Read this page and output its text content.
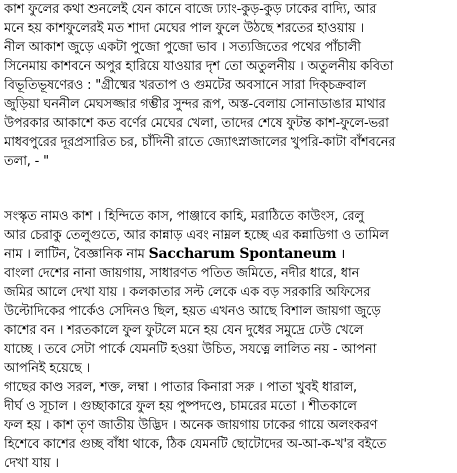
কাশ ফুলের কথা শুনলেই যেন কানে বাজে ঢ্যাং-কুড়-কুড় ঢাকের বাদ্যি, আর
মনে হয় কাশফুলেরই মত শাদা মেঘের পাল ফুলে উঠছে শরতের হাওয়ায় ।
নীল আকাশ জুড়ে একটা পুজো পুজো ভাব । সত্যজিতের পথের পাঁচালী
সিনেমায় কাশবনে অপুর হারিয়ে যাওয়ার দৃশ তো অতুলনীয় । অতুলনীয় কবিতা
বিভূতিভূষণেরও : "গ্রীষ্মের খরতাপ ও গুমটের অবসানে সারা দিক্চক্রবাল
জুড়িয়া ঘননীল মেঘসজ্জার গম্ভীর সুন্দর রূপ, অস্ত-বেলায় সোনাডাঙার মাথার
উপরকার আকাশে কত বর্ণের মেঘের খেলা, তাদের শেষে ফুটন্ত কাশ-ফুলে-ভরা
মাধবপুরের দূরপ্রসারিত চর, চাঁদিনী রাতে জ্যোৎস্নাজালের খুপরি-কাটা বাঁশবনের
তলা, - "
সংস্কৃত নামও কাশ । হিন্দিতে কাস, পাঞ্জাবে কাহি, মরাঠিতে কাউংস, রেলু
আর চেরাকু তেলুগুতে, আর কান্নাড় এবং নাম্নল হচ্ছে এর কন্নাডিগা ও তামিল
নাম । লাটিন, বৈজ্ঞানিক নাম Saccharum Spontaneum ।
বাংলা দেশের নানা জায়গায়, সাধারণত পতিত জমিতে, নদীর ধারে, ধান
জমির আলে দেখা যায় । কলকাতার সল্ট লেকে এক বড় সরকারি অফিসের
উল্টোদিকের পার্কেও সেদিনও ছিল, হয়ত এখনও আছে বিশাল জায়গা জুড়ে
কাশের বন । শরতকালে ফুল ফুটলে মনে হয় যেন দুধের সমুদ্রে ঢেউ খেলে
যাচ্ছে । তবে সেটা পার্কে যেমনটি হওয়া উচিত, সযত্নে লালিত নয় - আপনা
আপনিই হয়েছে ।
গাছের কাণ্ড সরল, শক্ত, লম্বা । পাতার কিনারা সরু । পাতা খুবই ধারাল,
দীর্ঘ ও সূচাল । গুচ্ছাকারে ফুল হয় পুষ্পদণ্ডে, চামরের মতো । শীতকালে
ফল হয় । কাশ তৃণ জাতীয় উদ্ভিদ । অনেক জায়গায় ঢাকের গায়ে অলংকরণ
হিশেবে কাশের গুচ্ছ বাঁধা থাকে, ঠিক যেমনটি ছোটোদের অ-আ-ক-খ'র বইতে
দেখা যায় ।
